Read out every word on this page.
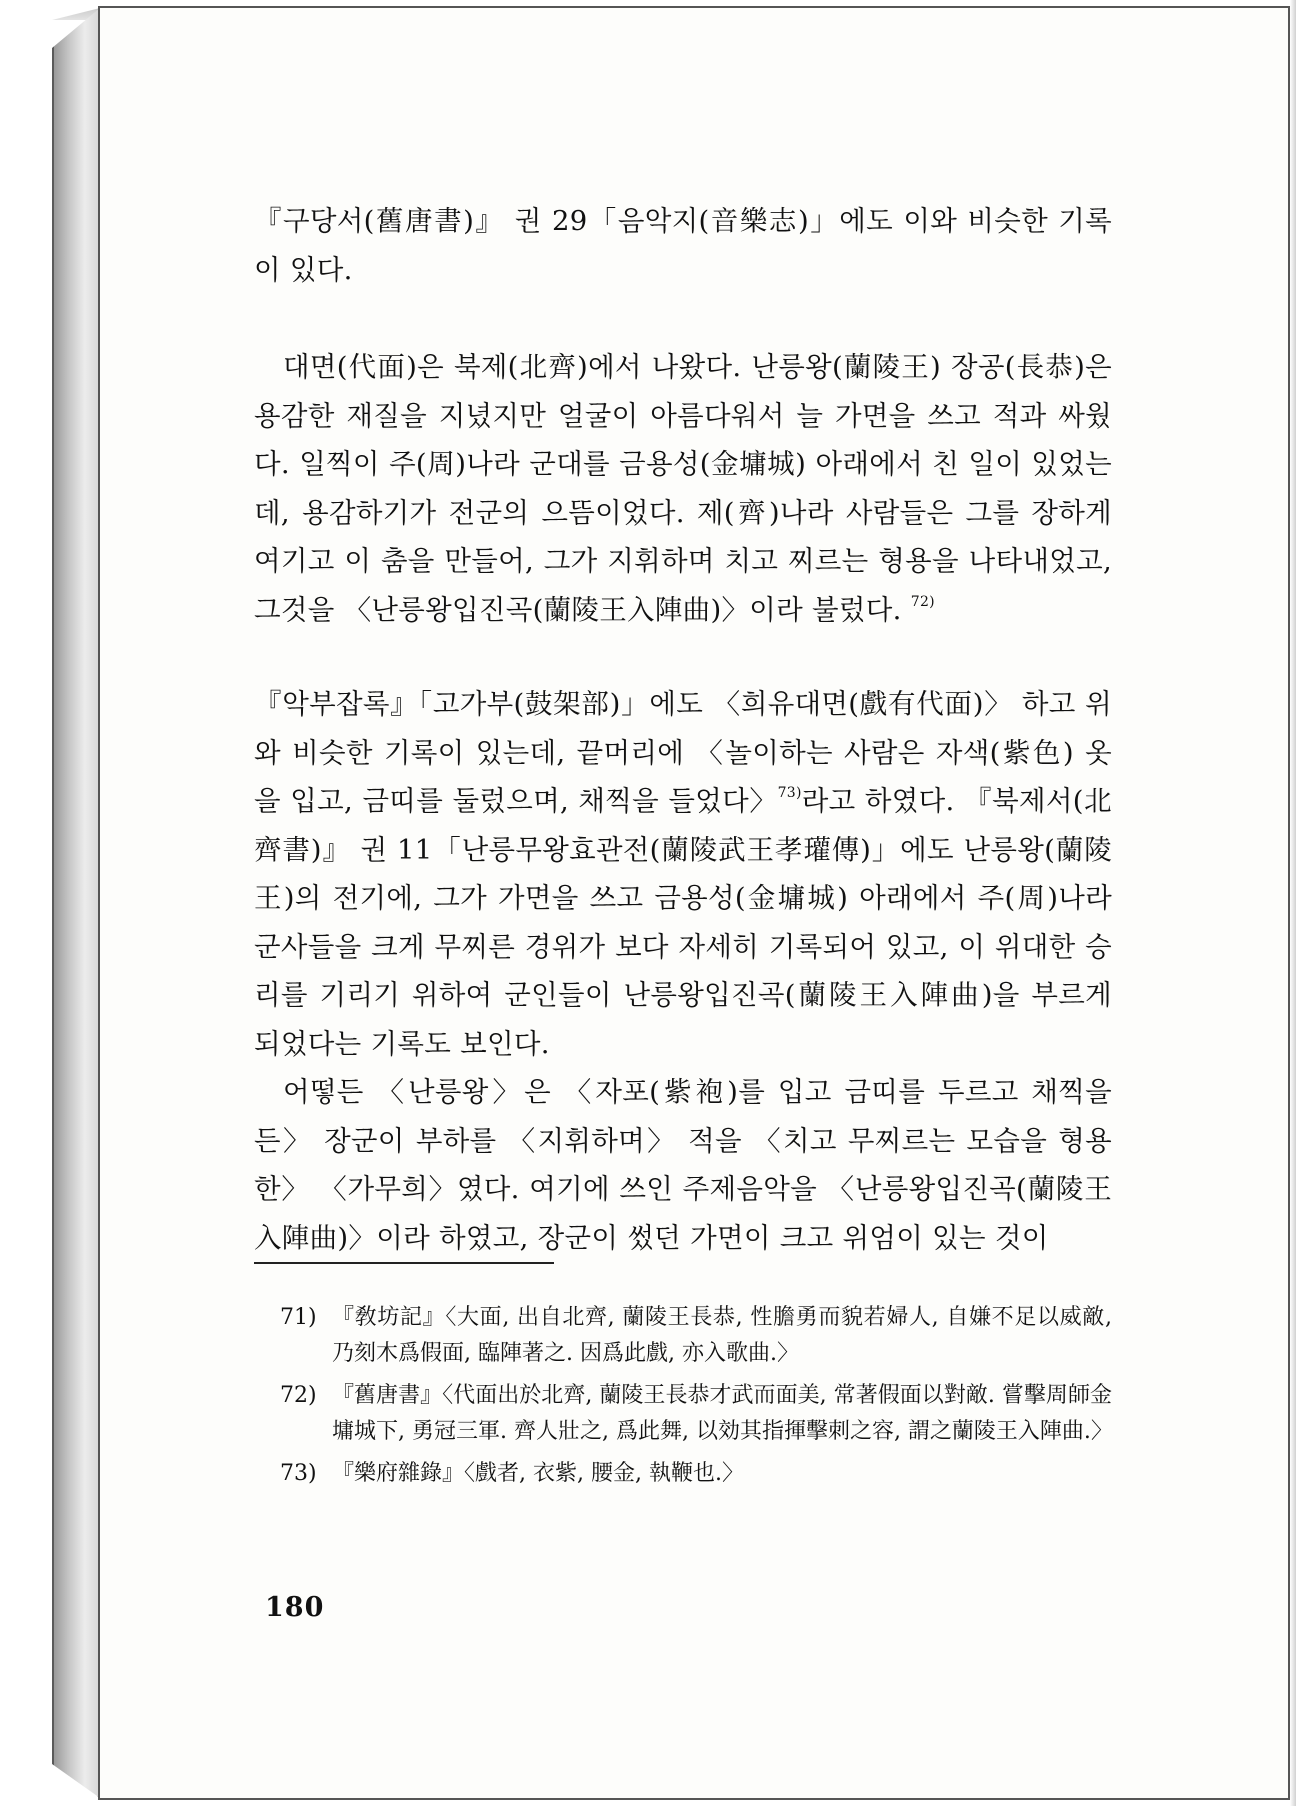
『구당서(舊唐書)』 권 29「음악지(音樂志)」에도 이와 비슷한 기록이 있다.

대면(代面)은 북제(北齊)에서 나왔다. 난릉왕(蘭陵王) 장공(長恭)은 용감한 재질을 지녔지만 얼굴이 아름다워서 늘 가면을 쓰고 적과 싸웠다. 일찍이 주(周)나라 군대를 금용성(金墉城) 아래에서 친 일이 있었는데, 용감하기가 전군의 으뜸이었다. 제(齊)나라 사람들은 그를 장하게 여기고 이 춤을 만들어, 그가 지휘하며 치고 찌르는 형용을 나타내었고, 그것을 〈난릉왕입진곡(蘭陵王入陣曲)〉이라 불렀다. $^{72)}$

『악부잡록』「고가부(鼓架部)」에도 〈희유대면(戲有代面)〉 하고 위와 비슷한 기록이 있는데, 끝머리에 〈놀이하는 사람은 자색(紫色) 옷을 입고, 금띠를 둘렀으며, 채찍을 들었다〉$^{73)}$라고 하였다. 『북제서(北齊書)』 권 11「난릉무왕효관전(蘭陵武王孝瓘傳)」에도 난릉왕(蘭陵王)의 전기에, 그가 가면을 쓰고 금용성(金墉城) 아래에서 주(周)나라 군사들을 크게 무찌른 경위가 보다 자세히 기록되어 있고, 이 위대한 승리를 기리기 위하여 군인들이 난릉왕입진곡(蘭陵王入陣曲)을 부르게 되었다는 기록도 보인다.

어떻든 〈난릉왕〉은 〈자포(紫袍)를 입고 금띠를 두르고 채찍을 든〉 장군이 부하를 〈지휘하며〉 적을 〈치고 무찌르는 모습을 형용한〉 〈가무희〉였다. 여기에 쓰인 주제음악을 〈난릉왕입진곡(蘭陵王入陣曲)〉이라 하였고, 장군이 썼던 가면이 크고 위엄이 있는 것이

71) 『敎坊記』〈大面, 出自北齊, 蘭陵王長恭, 性膽勇而貌若婦人, 自嫌不足以威敵, 乃刻木爲假面, 臨陣著之. 因爲此戲, 亦入歌曲.〉
72) 『舊唐書』〈代面出於北齊, 蘭陵王長恭才武而面美, 常著假面以對敵. 嘗擊周師金墉城下, 勇冠三軍. 齊人壯之, 爲此舞, 以効其指揮擊刺之容, 謂之蘭陵王入陣曲.〉
73) 『樂府雜錄』〈戲者, 衣紫, 腰金, 執鞭也.〉
180
